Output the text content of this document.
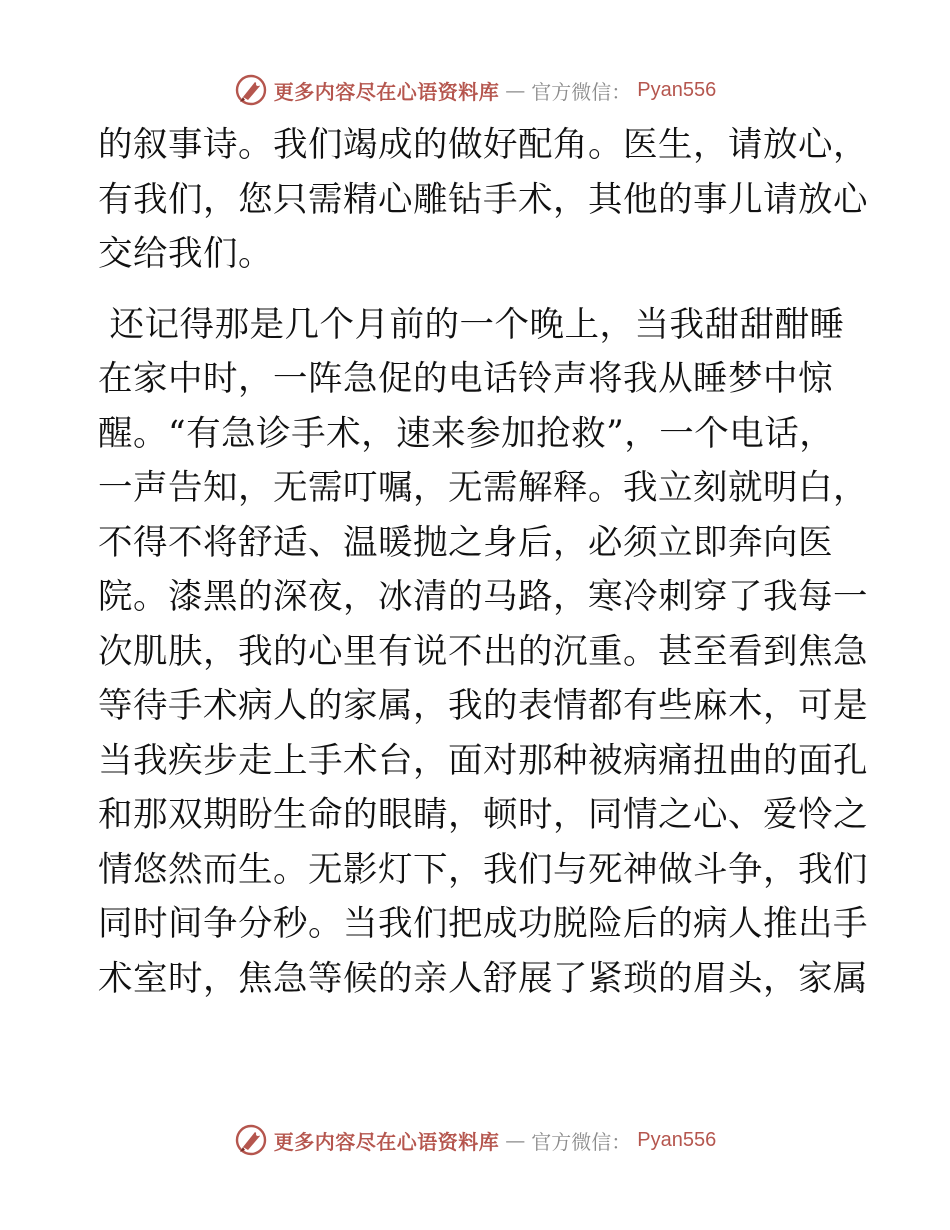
更多内容尽在心语资料库 — 官方微信： Pyan556

的叙事诗。我们竭成的做好配角。医生，请放心，
有我们，您只需精心雕钻手术，其他的事儿请放心
交给我们。

还记得那是几个月前的一个晚上，当我甜甜酣睡
在家中时，一阵急促的电话铃声将我从睡梦中惊
醒。“有急诊手术，速来参加抢救”，一个电话，
一声告知，无需叮嘱，无需解释。我立刻就明白，
不得不将舒适、温暖抛之身后，必须立即奔向医
院。漆黑的深夜，冰清的马路，寒冷刺穿了我每一
次肌肤，我的心里有说不出的沉重。甚至看到焦急
等待手术病人的家属，我的表情都有些麻木，可是
当我疾步走上手术台，面对那种被病痛扭曲的面孔
和那双期盼生命的眼睛，顿时，同情之心、爱怜之
情悠然而生。无影灯下，我们与死神做斗争，我们
同时间争分秒。当我们把成功脱险后的病人推出手
术室时，焦急等候的亲人舒展了紧琐的眉头，家属

更多内容尽在心语资料库 — 官方微信： Pyan556
